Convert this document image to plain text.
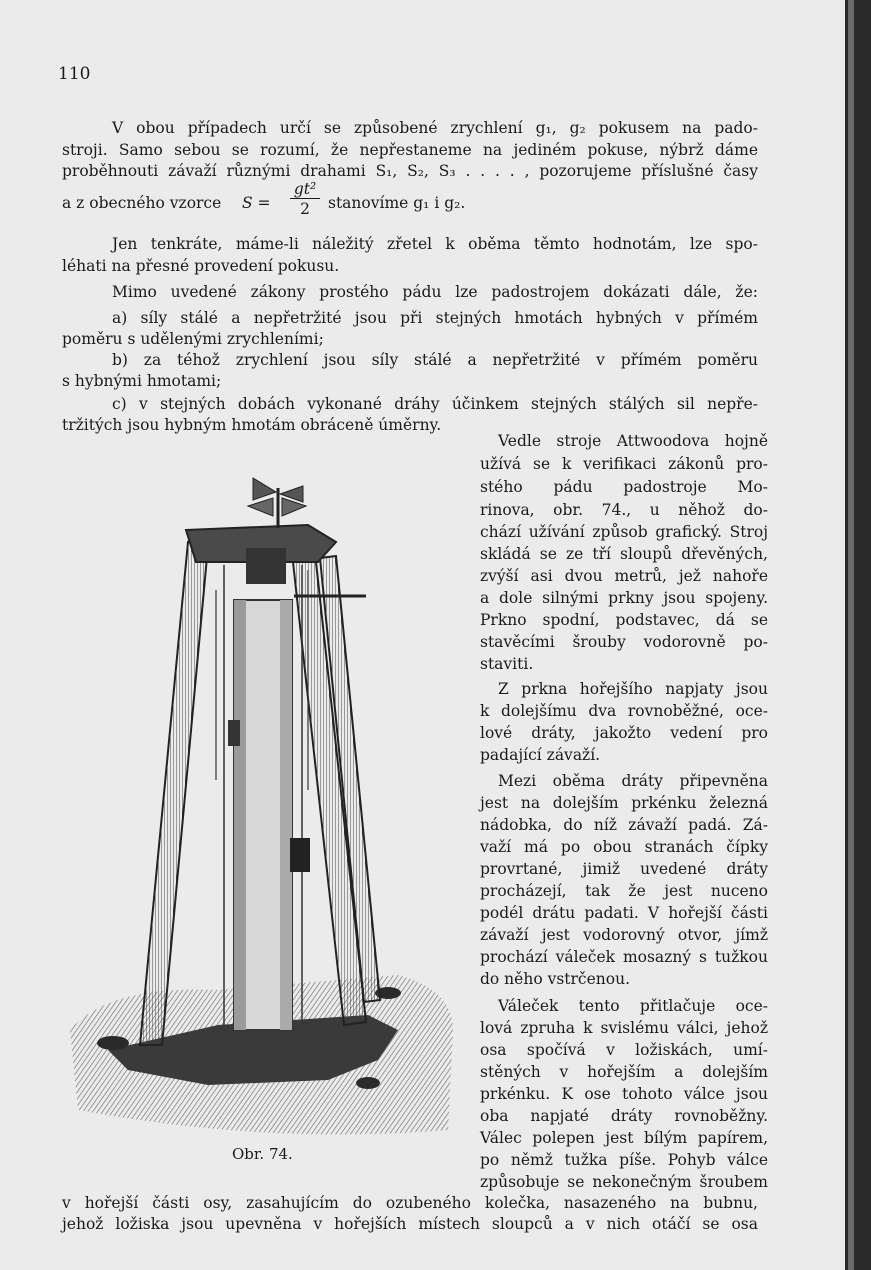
110
V obou případech určí se způsobené zrychlení g₁, g₂ pokusem na pado-
stroji. Samo sebou se rozumí, že nepřestaneme na jediném pokuse, nýbrž dáme
proběhnouti závaží různými drahami S₁, S₂, S₃ . . . . , pozorujeme příslušné časy
a z obecného vzorce $S = \frac{\text{gt²}}{2}$ stanovíme g₁ i g₂.
Jen tenkráte, máme-li náležitý zřetel k oběma těmto hodnotám, lze spo-
léhati na přesné provedení pokusu.
Mimo uvedené zákony prostého pádu lze padostrojem dokázati dále, že:
a) síly stálé a nepřetržité jsou při stejných hmotách hybných v přímém
poměru s udělenými zrychleními;
b) za téhož zrychlení jsou síly stálé a nepřetržité v přímém poměru
s hybnými hmotami;
c) v stejných dobách vykonané dráhy účinkem stejných stálých sil nepře-
tržitých jsou hybným hmotám obráceně úměrny.
Vedle stroje Attwoodova hojně
užívá se k verifikaci zákonů pro-
stého pádu padostroje Mo-
rinova, obr. 74., u něhož do-
chází užívání způsob grafický. Stroj
skládá se ze tří sloupů dřevěných,
zvýší asi dvou metrů, jež nahoře
a dole silnými prkny jsou spojeny.
Prkno spodní, podstavec, dá se
stavěcími šrouby vodorovně po-
staviti.
Z prkna hořejšího napjaty jsou
k dolejšímu dva rovnoběžné, oce-
lové dráty, jakožto vedení pro
padající závaží.
Mezi oběma dráty připevněna
jest na dolejším prkénku železná
nádobka, do níž závaží padá. Zá-
važí má po obou stranách čípky
provrtané, jimiž uvedené dráty
procházejí, tak že jest nuceno
podél drátu padati. V hořejší části
závaží jest vodorovný otvor, jímž
prochází váleček mosazný s tužkou
do něho vstrčenou.
Váleček tento přitlačuje oce-
lová zpruha k svislému válci, jehož
osa spočívá v ložiskách, umí-
stěných v hořejším a dolejším
prkénku. K ose tohoto válce jsou
oba napjaté dráty rovnoběžny.
Válec polepen jest bílým papírem,
po němž tužka píše. Pohyb válce
způsobuje se nekonečným šroubem
v hořejší části osy, zasahujícím do ozubeného kolečka, nasazeného na bubnu,
jehož ložiska jsou upevněna v hořejších místech sloupců a v nich otáčí se osa
Obr. 74.
